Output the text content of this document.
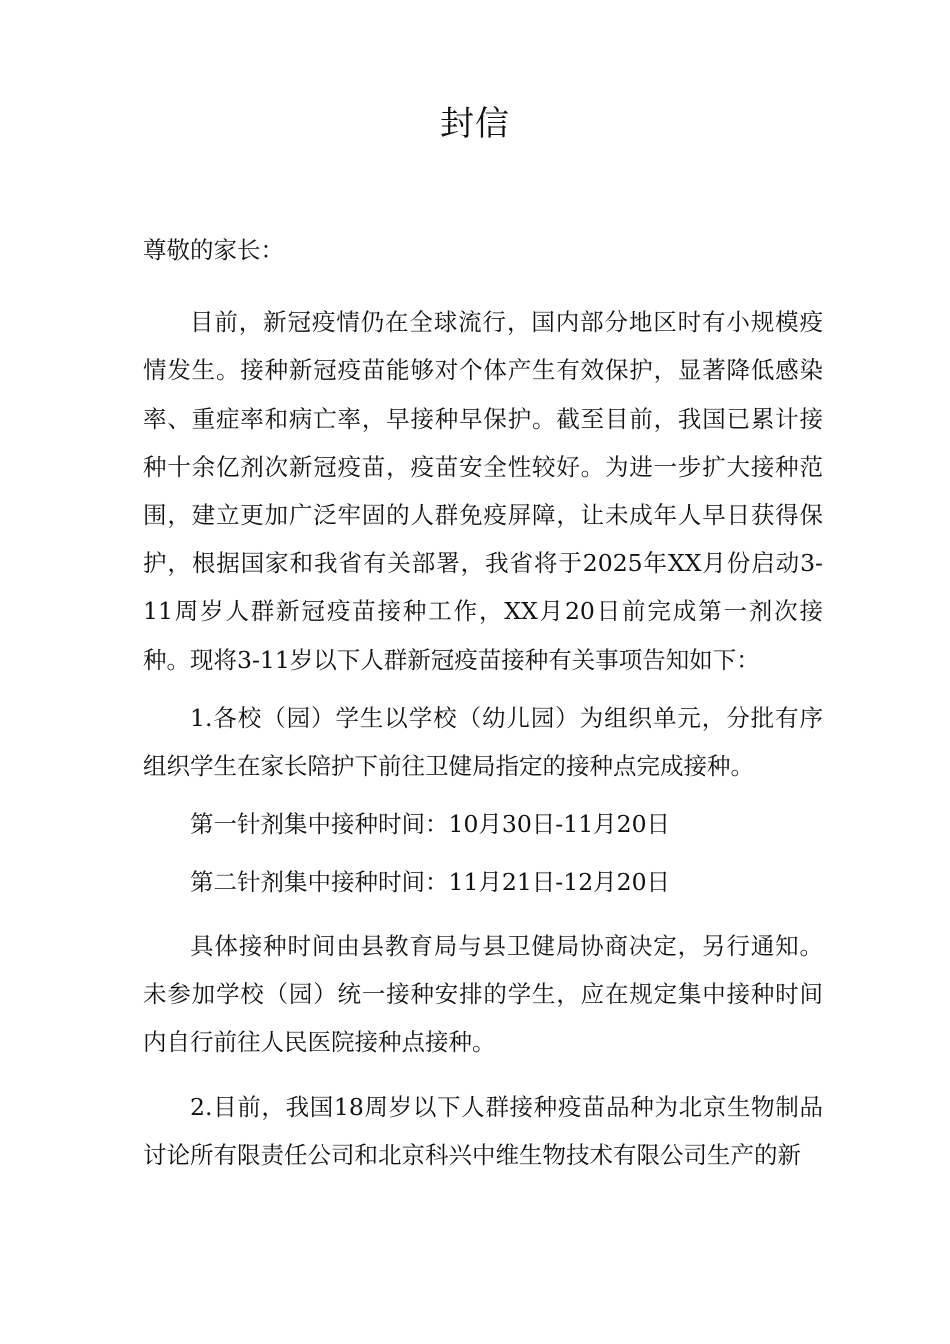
封信

尊敬的家长：

目前，新冠疫情仍在全球流行，国内部分地区时有小规模疫情发生。接种新冠疫苗能够对个体产生有效保护，显著降低感染率、重症率和病亡率，早接种早保护。截至目前，我国已累计接种十余亿剂次新冠疫苗，疫苗安全性较好。为进一步扩大接种范围，建立更加广泛牢固的人群免疫屏障，让未成年人早日获得保护，根据国家和我省有关部署，我省将于2025年XX月份启动3-11周岁人群新冠疫苗接种工作，XX月20日前完成第一剂次接种。现将3-11岁以下人群新冠疫苗接种有关事项告知如下：

1.各校（园）学生以学校（幼儿园）为组织单元，分批有序组织学生在家长陪护下前往卫健局指定的接种点完成接种。

第一针剂集中接种时间：10月30日-11月20日

第二针剂集中接种时间：11月21日-12月20日

具体接种时间由县教育局与县卫健局协商决定，另行通知。未参加学校（园）统一接种安排的学生，应在规定集中接种时间内自行前往人民医院接种点接种。

2.目前，我国18周岁以下人群接种疫苗品种为北京生物制品讨论所有限责任公司和北京科兴中维生物技术有限公司生产的新
